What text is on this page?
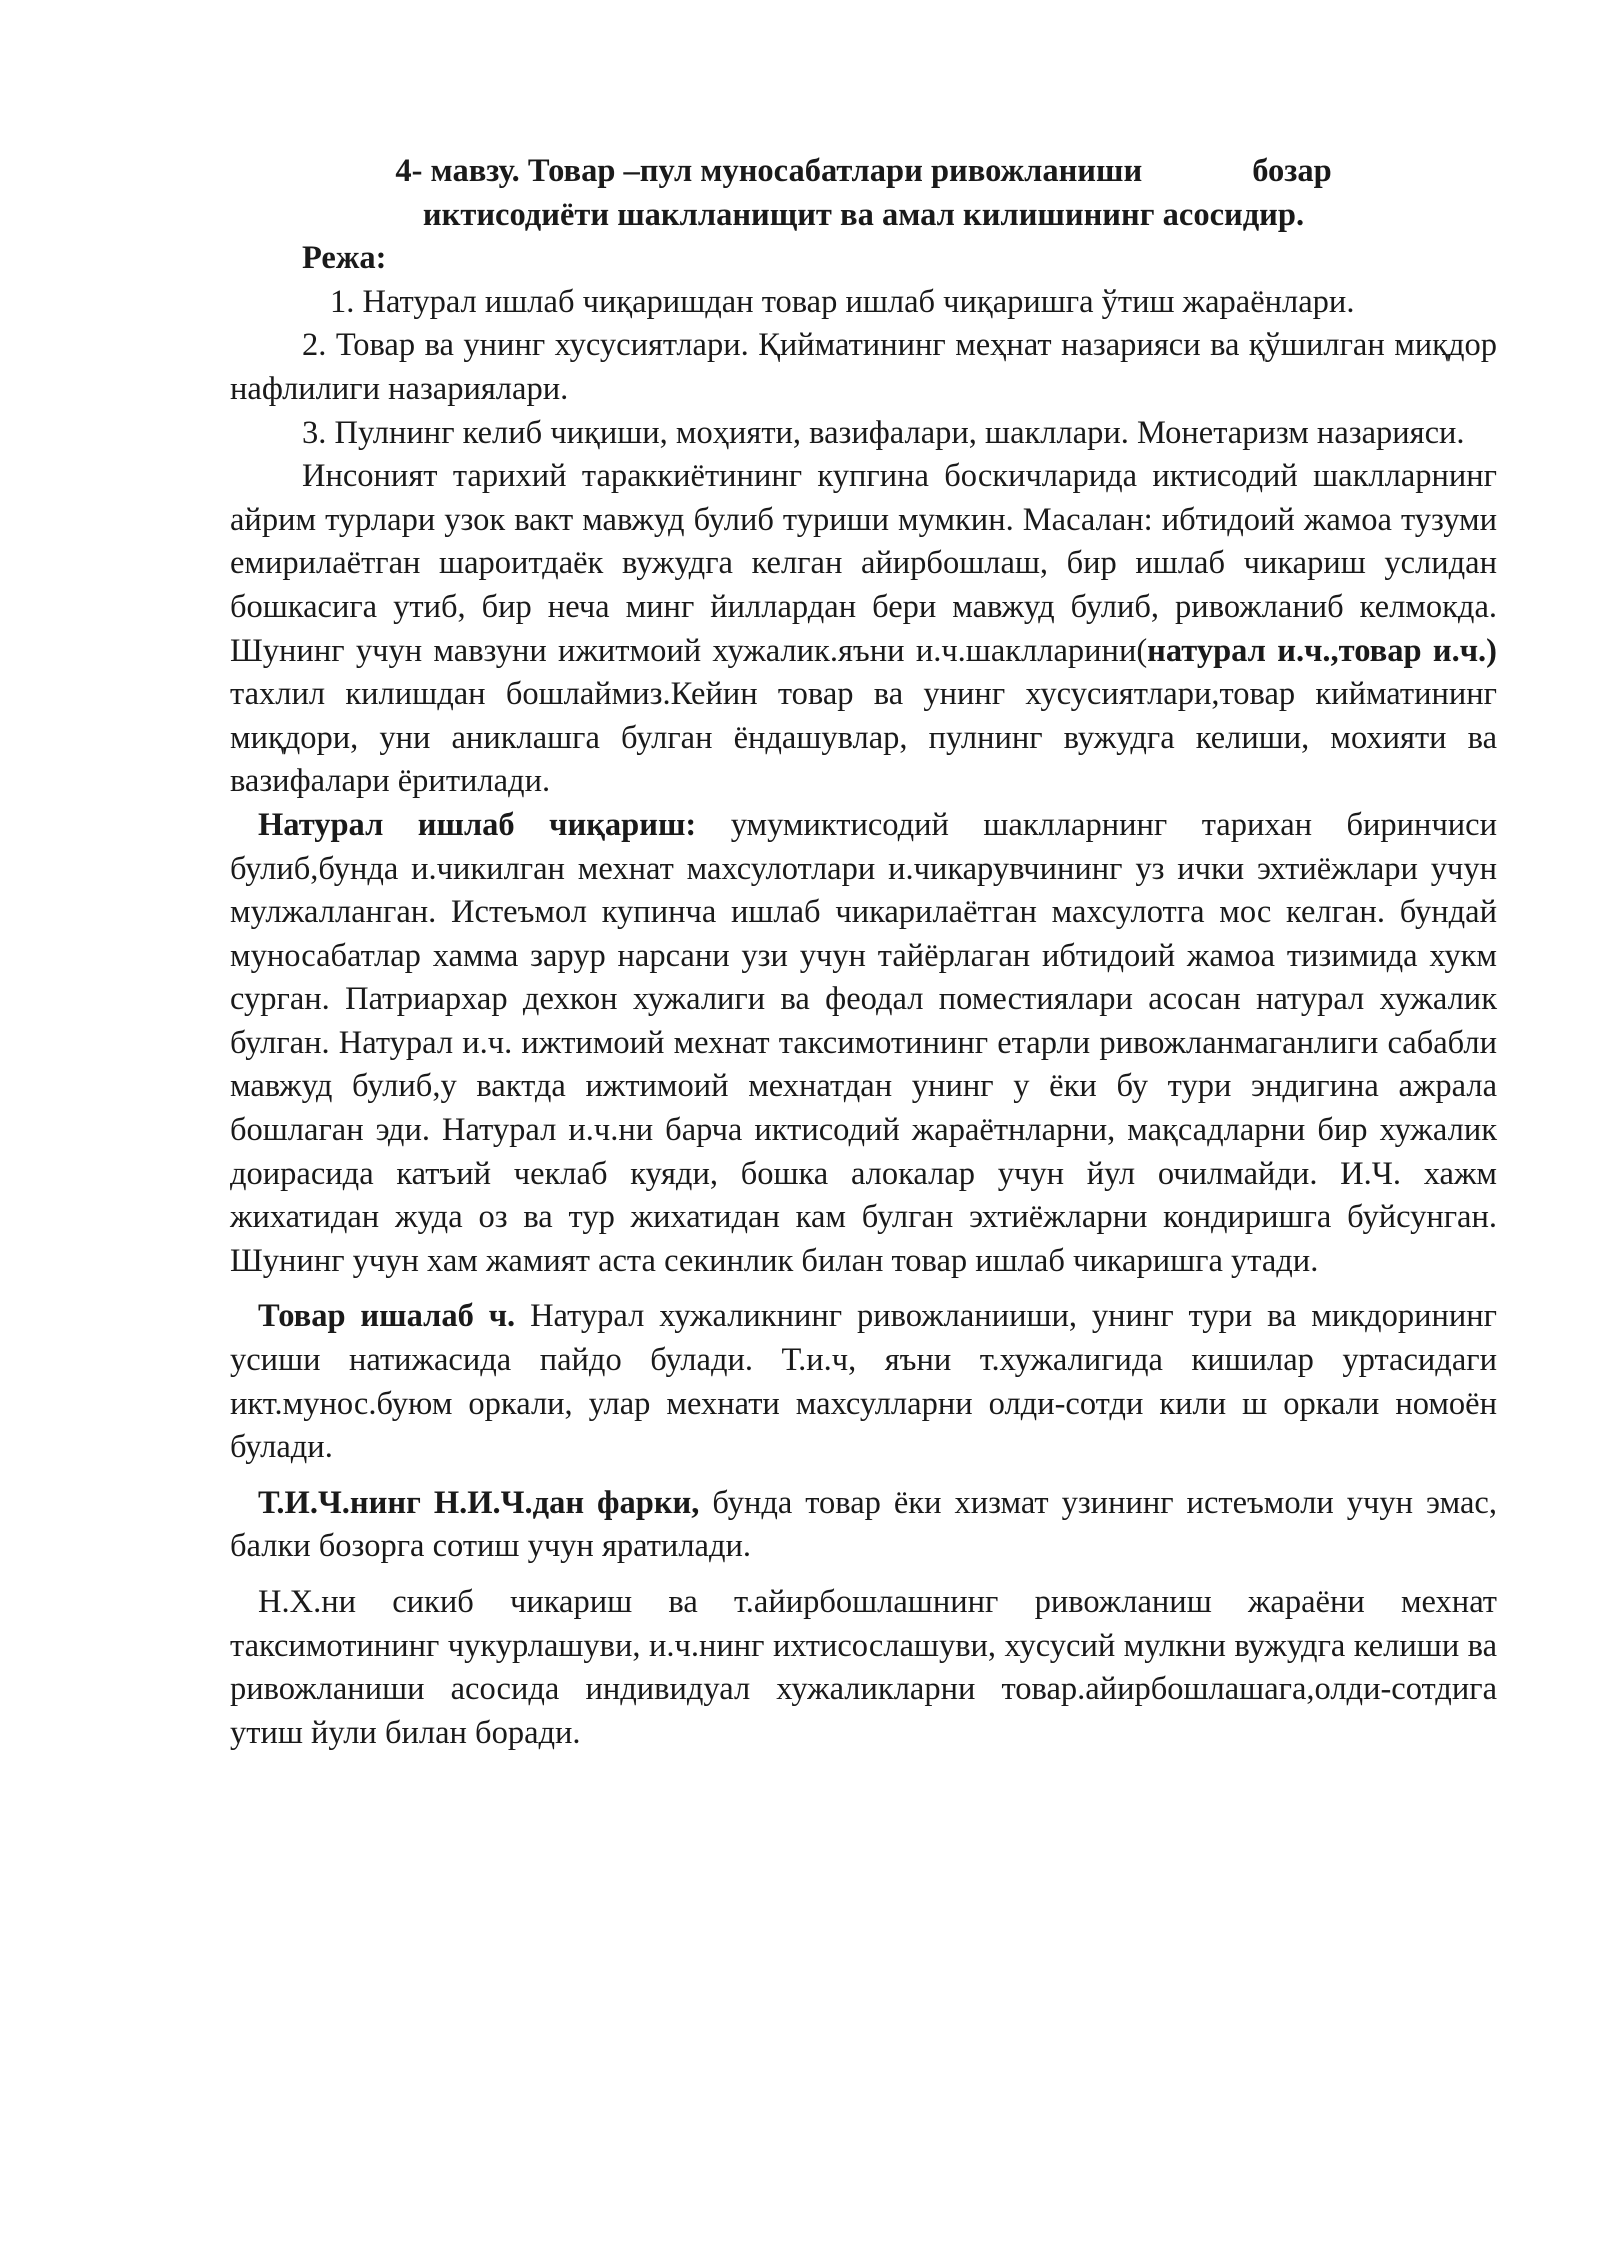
4- мавзу. Товар –пул муносабатлари ривожланиши	бозар
иктисодиёти шаклланищит ва амал килишининг асосидир.
Режа:

1. Натурал ишлаб чиқаришдан товар ишлаб чиқаришга ўтиш жараёнлари.

2. Товар ва унинг хусусиятлари. Қийматининг меҳнат назарияси ва қўшилган миқдор нафлилиги назариялари.

3. Пулнинг келиб чиқиши, моҳияти, вазифалари, шакллари. Монетаризм назарияси.

Инсоният тарихий тараккиётининг купгина боскичларида иктисодий шаклларнинг айрим турлари узок вакт мавжуд булиб туриши мумкин. Масалан: ибтидоий жамоа тузуми емирилаётган шароитдаёк вужудга келган айирбошлаш, бир ишлаб чикариш услидан бошкасига утиб, бир неча минг йиллардан бери мавжуд булиб, ривожланиб келмокда. Шунинг учун мавзуни ижитмоий хужалик.яъни и.ч.шаклларини(натурал и.ч.,товар и.ч.) тахлил килишдан бошлаймиз.Кейин товар ва унинг хусусиятлари,товар кийматининг миқдори, уни аниклашга булган ёндашувлар, пулнинг вужудга келиши, мохияти ва вазифалари ёритилади.

Натурал ишлаб чиқариш: умумиктисодий шаклларнинг тарихан биринчиси булиб,бунда и.чикилган мехнат махсулотлари и.чикарувчининг уз ички эхтиёжлари учун мулжалланган. Истеъмол купинча ишлаб чикарилаётган махсулотга мос келган. бундай муносабатлар хамма зарур нарсани узи учун тайёрлаган ибтидоий жамоа тизимида хукм сурган. Патриархар дехкон хужалиги ва феодал поместиялари асосан натурал хужалик булган. Натурал и.ч. ижтимоий мехнат таксимотининг етарли ривожланмаганлиги сабабли мавжуд булиб,у вактда ижтимоий мехнатдан унинг у ёки бу тури эндигина ажрала бошлаган эди. Натурал и.ч.ни барча иктисодий жараётнларни, мақсадларни бир хужалик доирасида катъий чеклаб куяди, бошка алокалар учун йул очилмайди. И.Ч. хажм жихатидан жуда оз ва тур жихатидан кам булган эхтиёжларни кондиришга буйсунган. Шунинг учун хам жамият аста секинлик билан товар ишлаб чикаришга утади.

Товар ишалаб ч. Натурал хужаликнинг ривожланииши, унинг тури ва микдорининг усиши натижасида пайдо булади. Т.и.ч, яъни т.хужалигида кишилар уртасидаги икт.мунос.буюм оркали, улар мехнати махсулларни олди-сотди кили ш оркали номоён булади.

Т.И.Ч.нинг Н.И.Ч.дан фарки, бунда товар ёки хизмат узининг истеъмоли учун эмас, балки бозорга сотиш учун яратилади.

Н.Х.ни сикиб чикариш ва т.айирбошлашнинг ривожланиш жараёни мехнат таксимотининг чукурлашуви, и.ч.нинг ихтисослашуви, хусусий мулкни вужудга келиши ва ривожланиши асосида индивидуал хужаликларни товар.айирбошлашага,олди-сотдига утиш йули билан боради.
